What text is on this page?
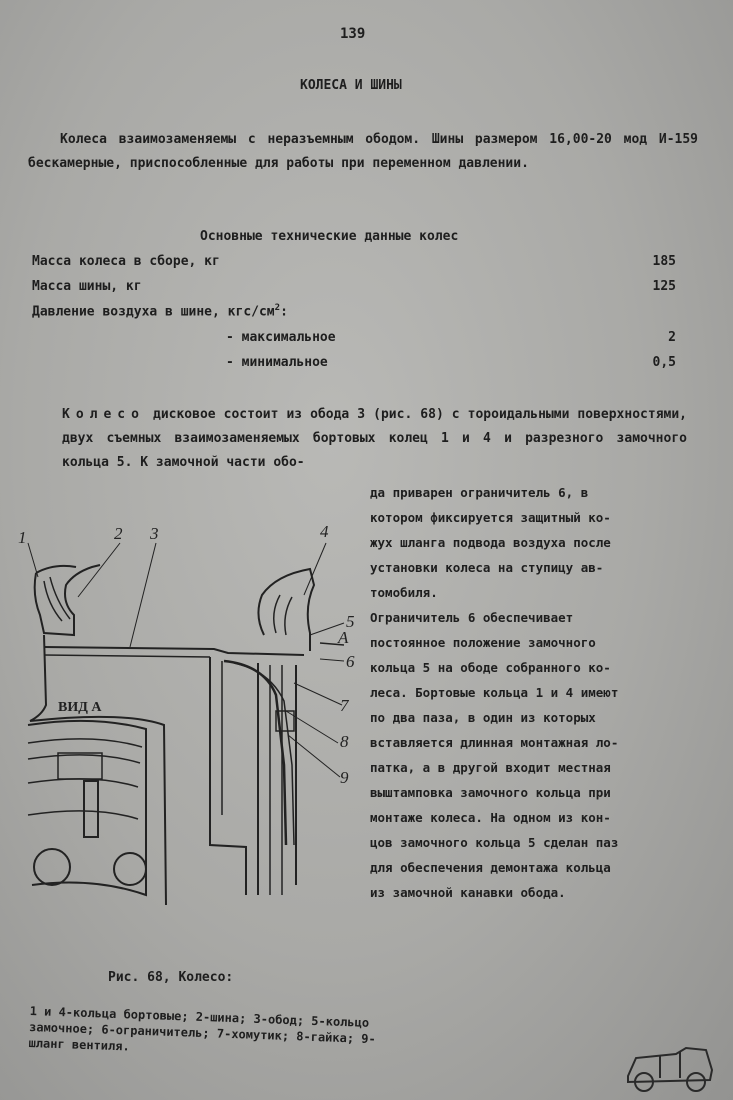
139
КОЛЕСА И ШИНЫ
Колеса взаимозаменяемы с неразъемным ободом. Шины размером 16,00-20 мод И-159 бескамерные, приспособленные для работы при переменном давлении.
Основные технические данные колес
Масса колеса в сборе, кг	185
Масса шины, кг	125
Давление воздуха в шине, кгс/$см^2$:
- максимальное	2
- минимальное	0,5
Колесо дисковое состоит из обода 3 (рис. 68) с тороидальными поверхностями, двух съемных взаимозаменяемых бортовых колец 1 и 4 и разрезного замочного кольца 5. К замочной части обо-
да приварен ограничитель 6, в
котором фиксируется защитный ко-
жух шланга подвода воздуха после
установки колеса на ступицу ав-
томобиля.
Ограничитель 6 обеспечивает
постоянное положение замочного
кольца 5 на ободе собранного ко-
леса. Бортовые кольца 1 и 4 имеют
по два паза, в один из которых
вставляется длинная монтажная ло-
патка, а в другой входит местная
выштамповка замочного кольца при
монтаже колеса. На одном из кон-
цов замочного кольца 5 сделан паз
для обеспечения демонтажа кольца
из замочной канавки обода.
1	2 3	4
5
А
6
7
8
9
ВИД А
Рис. 68, Колесо:
1 и 4-кольца бортовые; 2-шина; 3-обод; 5-кольцо замочное; 6-ограничитель; 7-хомутик; 8-гайка; 9-шланг вентиля.
